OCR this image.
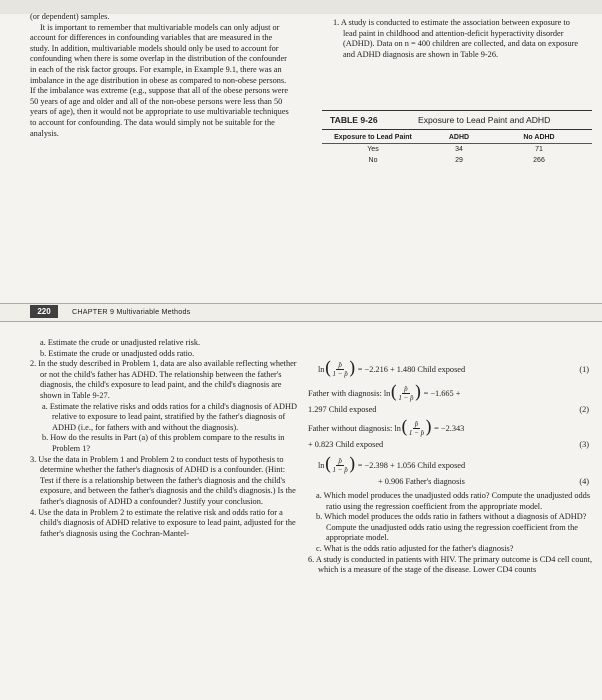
(or dependent) samples.

It is important to remember that multivariable models can only adjust or account for differences in confounding variables that are measured in the study. In addition, multivariable models should only be used to account for confounding when there is some overlap in the distribution of the confounder in each of the risk factor groups. For example, in Example 9.1, there was an imbalance in the age distribution in obese as compared to non-obese persons. If the imbalance was extreme (e.g., suppose that all of the obese persons were 50 years of age and older and all of the non-obese persons were less than 50 years of age), then it would not be appropriate to use multivariable techniques to account for confounding. The data would simply not be suitable for the analysis.

1. A study is conducted to estimate the association between exposure to lead paint in childhood and attention-deficit hyperactivity disorder (ADHD). Data on n = 400 children are collected, and data on exposure and ADHD diagnosis are shown in Table 9-26.

TABLE 9-26	Exposure to Lead Paint and ADHD
Exposure to Lead Paint	ADHD	No ADHD
Yes	34	71
No	29	266
220	CHAPTER 9 Multivariable Methods

a. Estimate the crude or unadjusted relative risk.

b. Estimate the crude or unadjusted odds ratio.

2. In the study described in Problem 1, data are also available reflecting whether or not the child's father has ADHD. The relationship between the father's diagnosis, the child's exposure to lead paint, and the child's diagnosis are shown in Table 9-27.

a. Estimate the relative risks and odds ratios for a child's diagnosis of ADHD relative to exposure to lead paint, stratified by the father's diagnosis of ADHD (i.e., for fathers with and without the diagnosis).

b. How do the results in Part (a) of this problem compare to the results in Problem 1?

3. Use the data in Problem 1 and Problem 2 to conduct tests of hypothesis to determine whether the father's diagnosis of ADHD is a confounder. (Hint: Test if there is a relationship between the father's diagnosis and the child's exposure, and between the father's diagnosis and the child's diagnosis.) Is the father's diagnosis of ADHD a confounder? Justify your conclusion.

4. Use the data in Problem 2 to estimate the relative risk and odds ratio for a child's diagnosis of ADHD relative to exposure to lead paint, adjusted for the father's diagnosis using the Cochran-Mantel-

ln ( $\frac{p̂}{1 - p̂}$ ) = −2.216 + 1.480 Child exposed	(1)
Father with diagnosis: ln ( $\frac{p̂}{1 - p̂}$ ) = −1.665 +
1.297 Child exposed	(2)
Father without diagnosis: ln ( $\frac{p̂}{1 - p̂}$ ) = −2.343
+ 0.823 Child exposed	(3)
ln ( $\frac{p̂}{1 - p̂}$ ) = −2.398 + 1.056 Child exposed
+ 0.906 Father's diagnosis	(4)

a. Which model produces the unadjusted odds ratio? Compute the unadjusted odds ratio using the regression coefficient from the appropriate model.

b. Which model produces the odds ratio in fathers without a diagnosis of ADHD? Compute the unadjusted odds ratio using the regression coefficient from the appropriate model.

c. What is the odds ratio adjusted for the father's diagnosis?

6. A study is conducted in patients with HIV. The primary outcome is CD4 cell count, which is a measure of the stage of the disease. Lower CD4 counts
